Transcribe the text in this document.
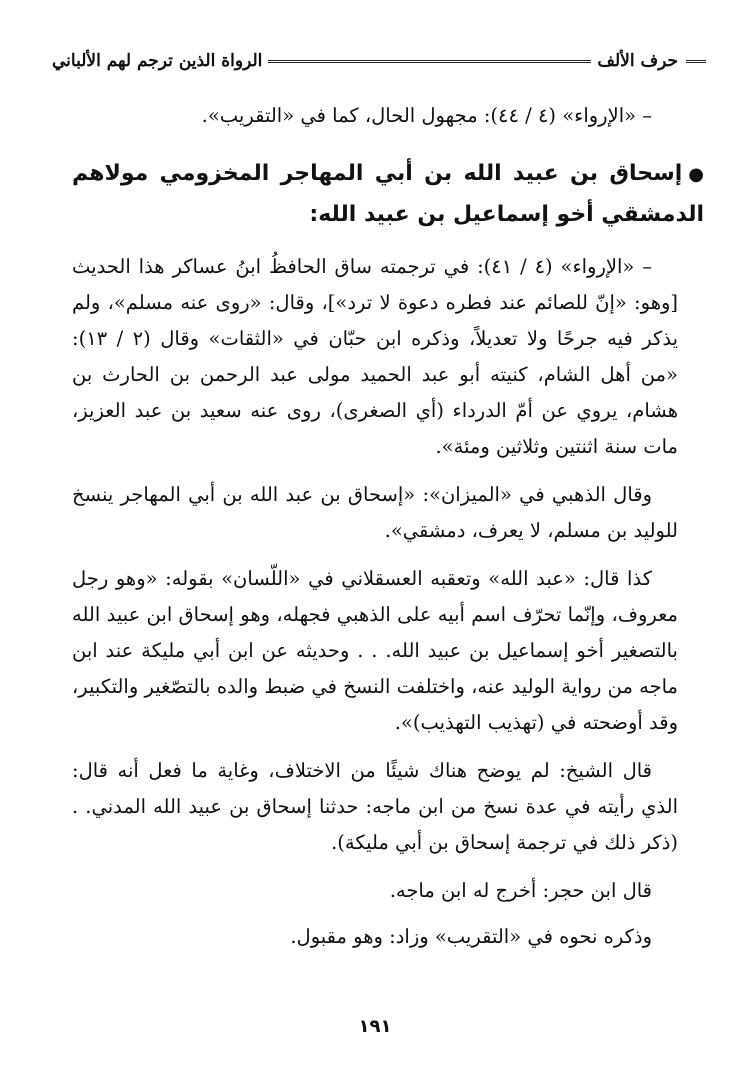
حرف الألف
الرواة الذين ترجم لهم الألباني

– «الإرواء» (٤ / ٤٤): مجهول الحال، كما في «التقريب».

●إسحاق بن عبيد الله بن أبي المهاجر المخزومي مولاهم الدمشقي أخو إسماعيل بن عبيد الله:

– «الإرواء» (٤ / ٤١): في ترجمته ساق الحافظُ ابنُ عساكر هذا الحديث [وهو: «إنّ للصائم عند فطره دعوة لا ترد»]، وقال: «روى عنه مسلم»، ولم يذكر فيه جرحًا ولا تعديلاً، وذكره ابن حبّان في «الثقات» وقال (٢ / ١٣): «من أهل الشام، كنيته أبو عبد الحميد مولى عبد الرحمن بن الحارث بن هشام، يروي عن أمّ الدرداء (أي الصغرى)، روى عنه سعيد بن عبد العزيز، مات سنة اثنتين وثلاثين ومئة».

وقال الذهبي في «الميزان»: «إسحاق بن عبد الله بن أبي المهاجر ينسخ للوليد بن مسلم، لا يعرف، دمشقي».

كذا قال: «عبد الله» وتعقبه العسقلاني في «اللّسان» بقوله: «وهو رجل معروف، وإنّما تحرّف اسم أبيه على الذهبي فجهله، وهو إسحاق ابن عبيد الله بالتصغير أخو إسماعيل بن عبيد الله. . . وحديثه عن ابن أبي مليكة عند ابن ماجه من رواية الوليد عنه، واختلفت النسخ في ضبط والده بالتصّغير والتكبير، وقد أوضحته في (تهذيب التهذيب)».

قال الشيخ: لم يوضح هناك شيئًا من الاختلاف، وغاية ما فعل أنه قال: الذي رأيته في عدة نسخ من ابن ماجه: حدثنا إسحاق بن عبيد الله المدني. . (ذكر ذلك في ترجمة إسحاق بن أبي مليكة).

قال ابن حجر: أخرج له ابن ماجه.

وذكره نحوه في «التقريب» وزاد: وهو مقبول.

١٩١
